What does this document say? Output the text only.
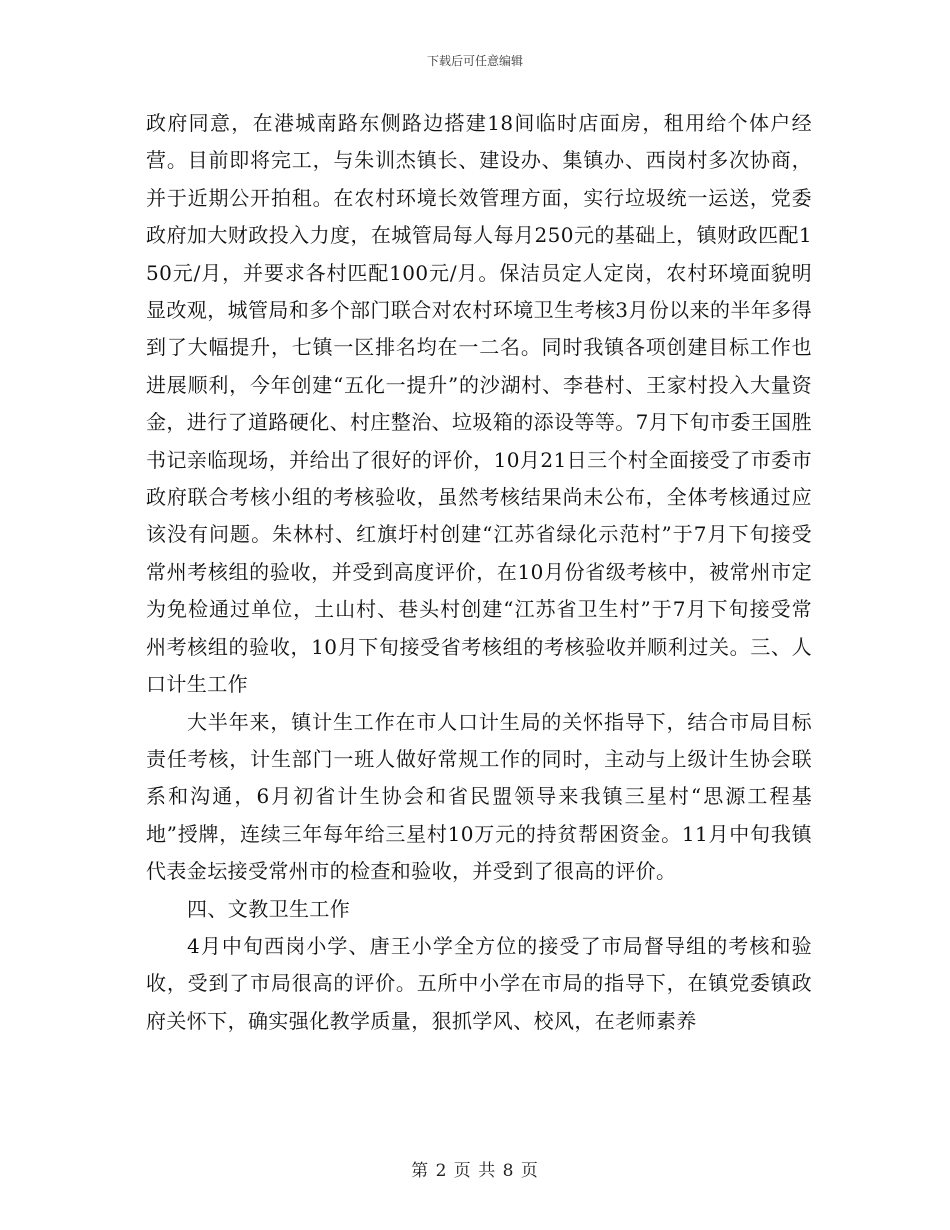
下载后可任意编辑

政府同意，在港城南路东侧路边搭建18间临时店面房，租用给个体户经营。目前即将完工，与朱训杰镇长、建设办、集镇办、西岗村多次协商，并于近期公开拍租。在农村环境长效管理方面，实行垃圾统一运送，党委政府加大财政投入力度，在城管局每人每月250元的基础上，镇财政匹配150元/月，并要求各村匹配100元/月。保洁员定人定岗，农村环境面貌明显改观，城管局和多个部门联合对农村环境卫生考核3月份以来的半年多得到了大幅提升，七镇一区排名均在一二名。同时我镇各项创建目标工作也进展顺利，今年创建“五化一提升”的沙湖村、李巷村、王家村投入大量资金，进行了道路硬化、村庄整治、垃圾箱的添设等等。7月下旬市委王国胜书记亲临现场，并给出了很好的评价，10月21日三个村全面接受了市委市政府联合考核小组的考核验收，虽然考核结果尚未公布，全体考核通过应该没有问题。朱林村、红旗圩村创建“江苏省绿化示范村”于7月下旬接受常州考核组的验收，并受到高度评价，在10月份省级考核中，被常州市定为免检通过单位，土山村、巷头村创建“江苏省卫生村”于7月下旬接受常州考核组的验收，10月下旬接受省考核组的考核验收并顺利过关。三、人口计生工作

大半年来，镇计生工作在市人口计生局的关怀指导下，结合市局目标责任考核，计生部门一班人做好常规工作的同时，主动与上级计生协会联系和沟通，6月初省计生协会和省民盟领导来我镇三星村“思源工程基地”授牌，连续三年每年给三星村10万元的持贫帮困资金。11月中旬我镇代表金坛接受常州市的检查和验收，并受到了很高的评价。

四、文教卫生工作

4月中旬西岗小学、唐王小学全方位的接受了市局督导组的考核和验收，受到了市局很高的评价。五所中小学在市局的指导下，在镇党委镇政府关怀下，确实强化教学质量，狠抓学风、校风，在老师素养

第 2 页 共 8 页
